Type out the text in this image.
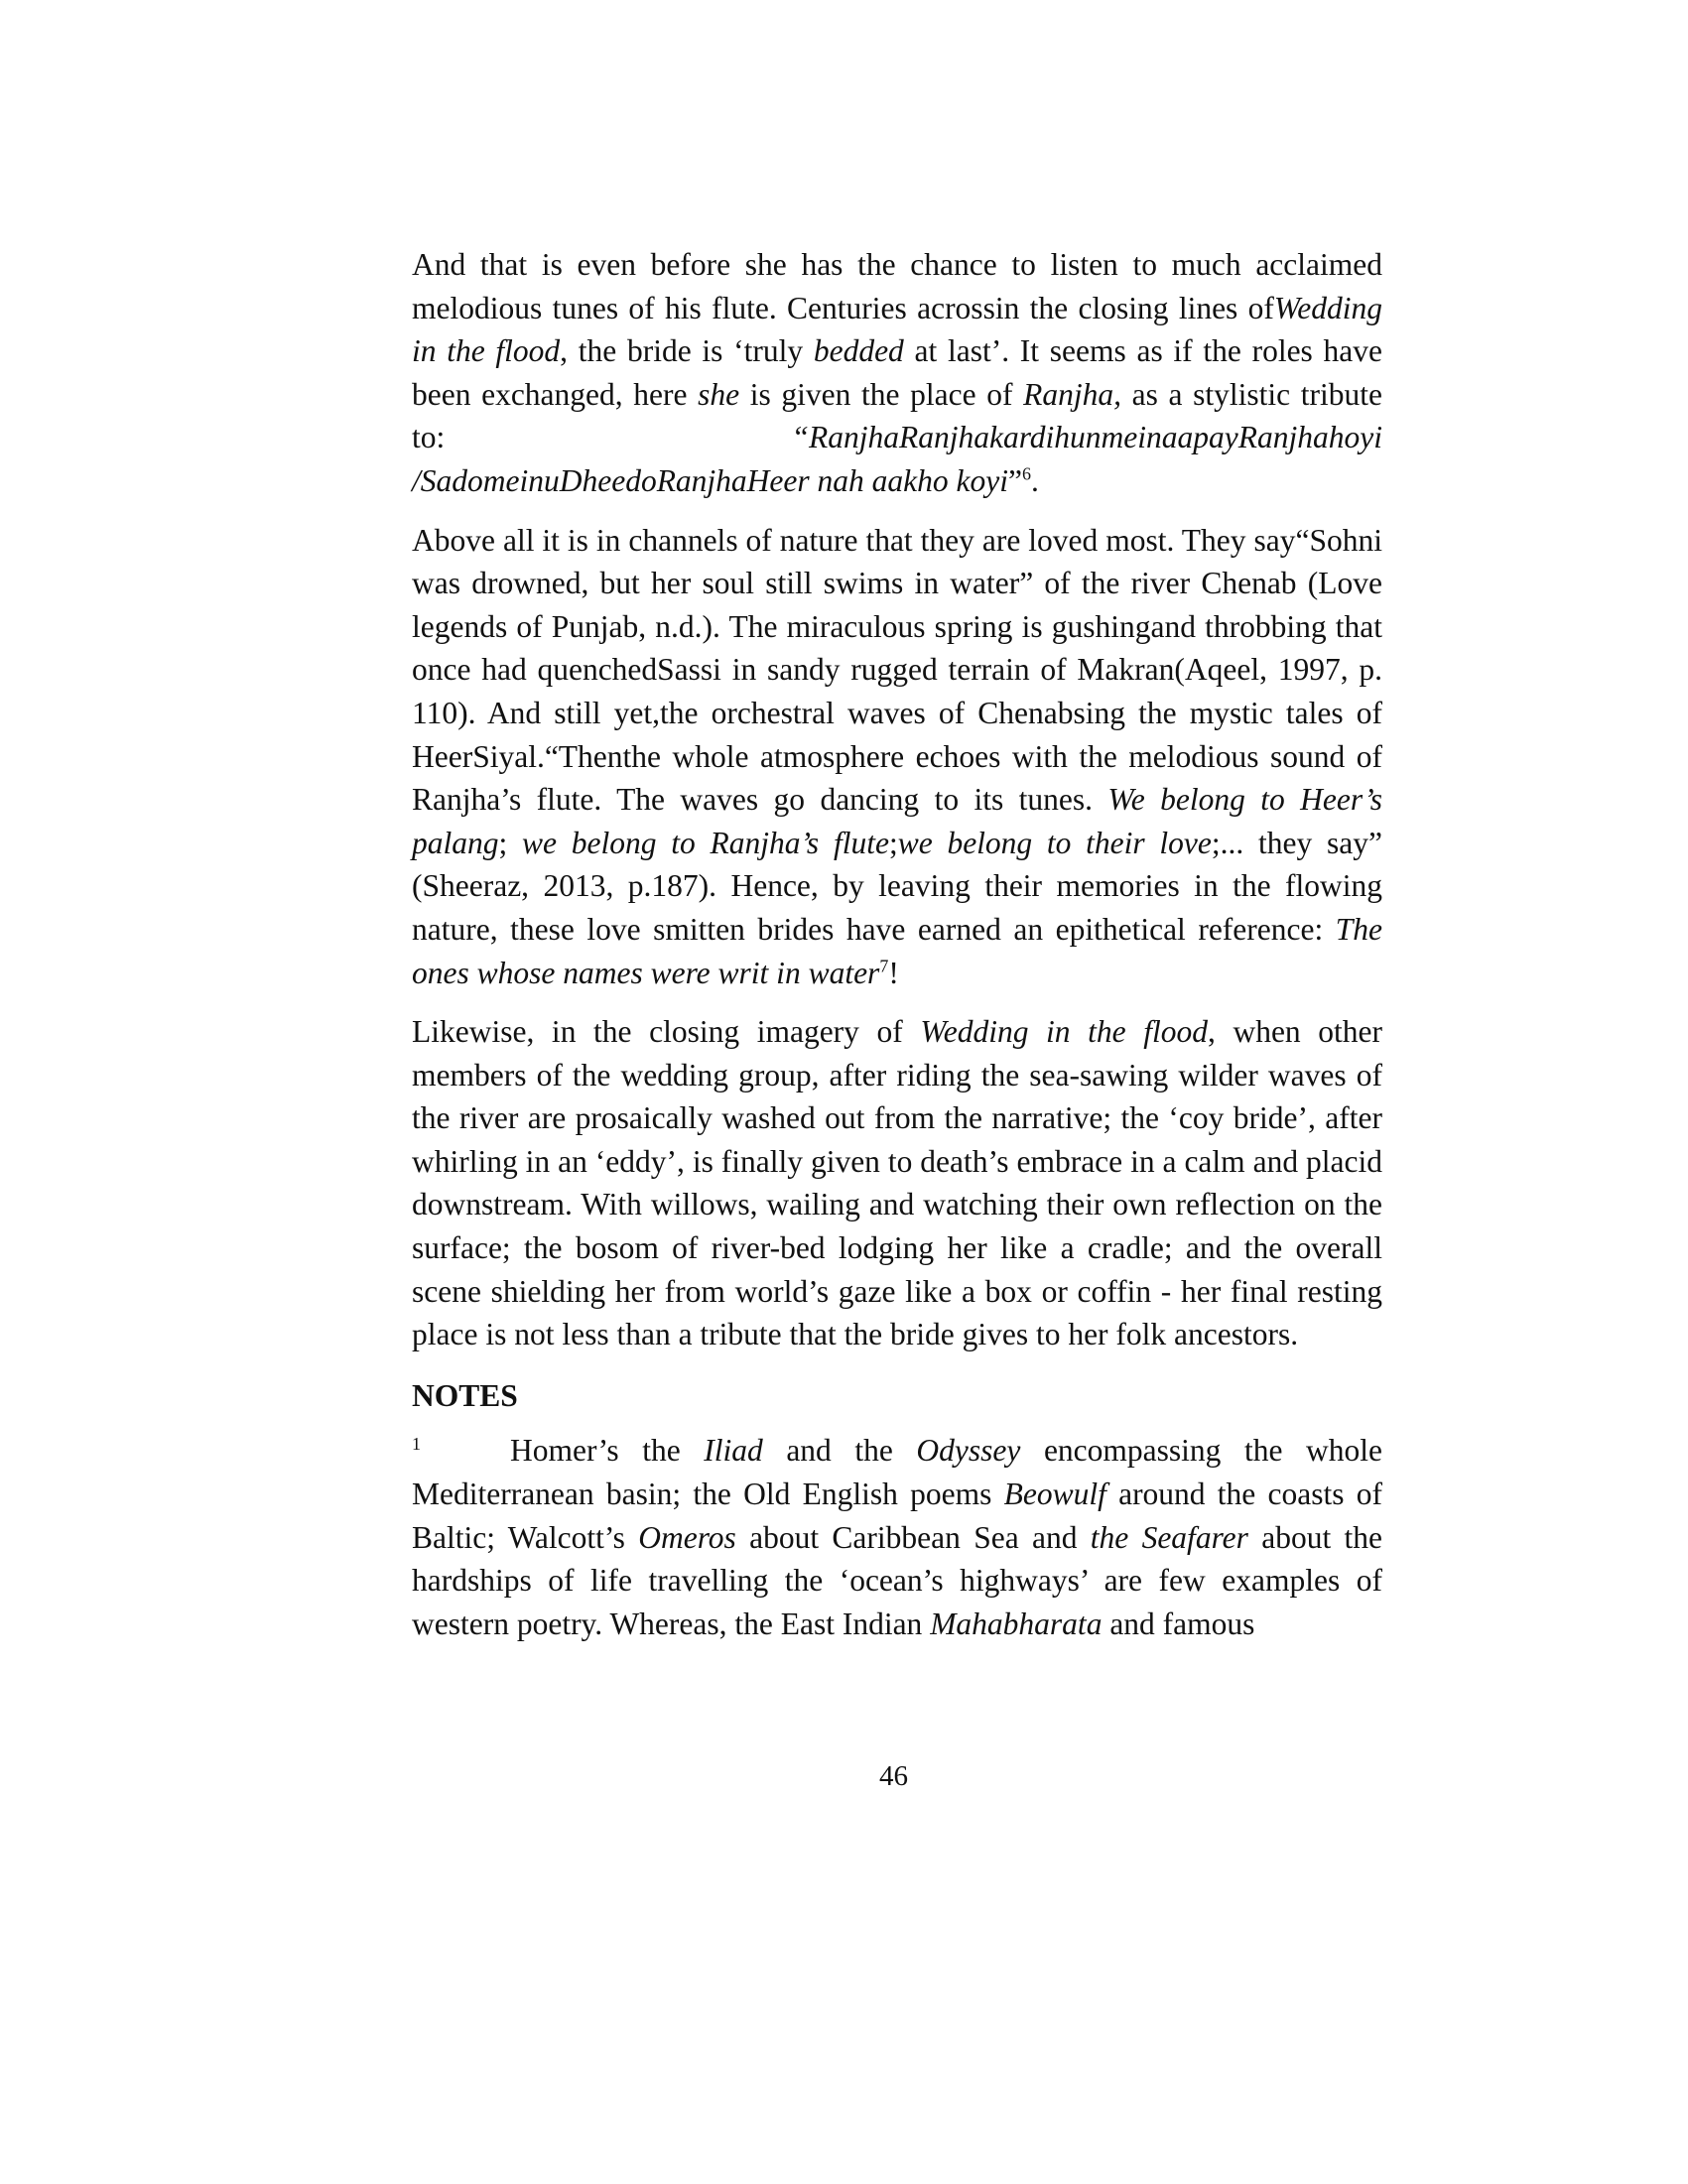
And that is even before she has the chance to listen to much acclaimed melodious tunes of his flute. Centuries acrossin the closing lines ofWedding in the flood, the bride is ‘truly bedded at last’. It seems as if the roles have been exchanged, here she is given the place of Ranjha, as a stylistic tribute to: “RanjhaRanjhakardihunmeinaapayRanjhahoyi /SadomeinuDheedoRanjhaHeer nah aakho koyi”$^6$.
Above all it is in channels of nature that they are loved most. They say“Sohni was drowned, but her soul still swims in water” of the river Chenab (Love legends of Punjab, n.d.). The miraculous spring is gushingand throbbing that once had quenchedSassi in sandy rugged terrain of Makran(Aqeel, 1997, p. 110). And still yet,the orchestral waves of Chenabsing the mystic tales of HeerSiyal.“Thenthe whole atmosphere echoes with the melodious sound of Ranjha’s flute. The waves go dancing to its tunes. We belong to Heer’s palang; we belong to Ranjha’s flute;we belong to their love;... they say” (Sheeraz, 2013, p.187). Hence, by leaving their memories in the flowing nature, these love smitten brides have earned an epithetical reference: The ones whose names were writ in water$^7$!
Likewise, in the closing imagery of Wedding in the flood, when other members of the wedding group, after riding the sea-sawing wilder waves of the river are prosaically washed out from the narrative; the ‘coy bride’, after whirling in an ‘eddy’, is finally given to death’s embrace in a calm and placid downstream. With willows, wailing and watching their own reflection on the surface; the bosom of river-bed lodging her like a cradle; and the overall scene shielding her from world’s gaze like a box or coffin - her final resting place is not less than a tribute that the bride gives to her folk ancestors.
NOTES
1	Homer’s the Iliad and the Odyssey encompassing the whole Mediterranean basin; the Old English poems Beowulf around the coasts of Baltic; Walcott’s Omeros about Caribbean Sea and the Seafarer about the hardships of life travelling the ‘ocean’s highways’ are few examples of western poetry. Whereas, the East Indian Mahabharata and famous
46
